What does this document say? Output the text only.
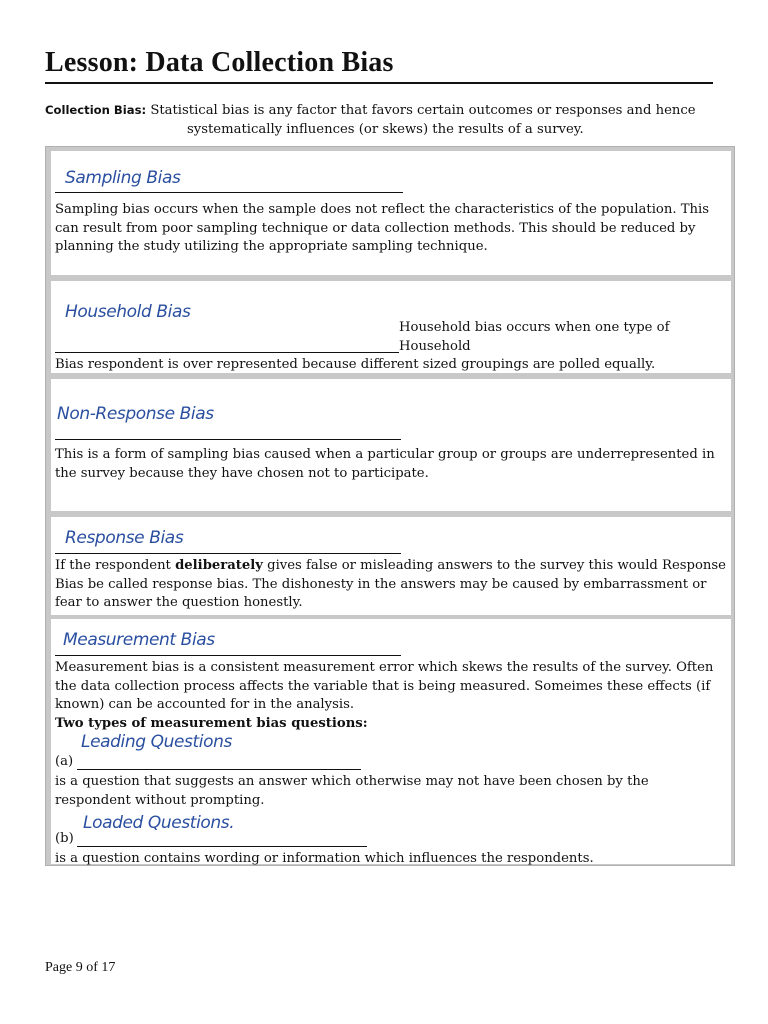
Lesson: Data Collection Bias
Collection Bias: Statistical bias is any factor that favors certain outcomes or responses and hence
systematically influences (or skews) the results of a survey.
Sampling Bias
Sampling bias occurs when the sample does not reflect the characteristics of the population. This can result from poor sampling technique or data collection methods. This should be reduced by planning the study utilizing the appropriate sampling technique.
Household Bias
Household bias occurs when one type of Household
Bias respondent is over represented because different sized groupings are polled equally.
Non-Response Bias
This is a form of sampling bias caused when a particular group or groups are underrepresented in the survey because they have chosen not to participate.
Response Bias
If the respondent deliberately gives false or misleading answers to the survey this would Response Bias be called response bias. The dishonesty in the answers may be caused by embarrassment or fear to answer the question honestly.
Measurement Bias
Measurement bias is a consistent measurement error which skews the results of the survey. Often the data collection process affects the variable that is being measured. Someimes these effects (if known) can be accounted for in the analysis.
Two types of measurement bias questions:
Leading Questions
(a)
is a question that suggests an answer which otherwise may not have been chosen by the respondent without prompting.
Loaded Questions.
(b)
is a question contains wording or information which influences the respondents.
Page 9 of 17
